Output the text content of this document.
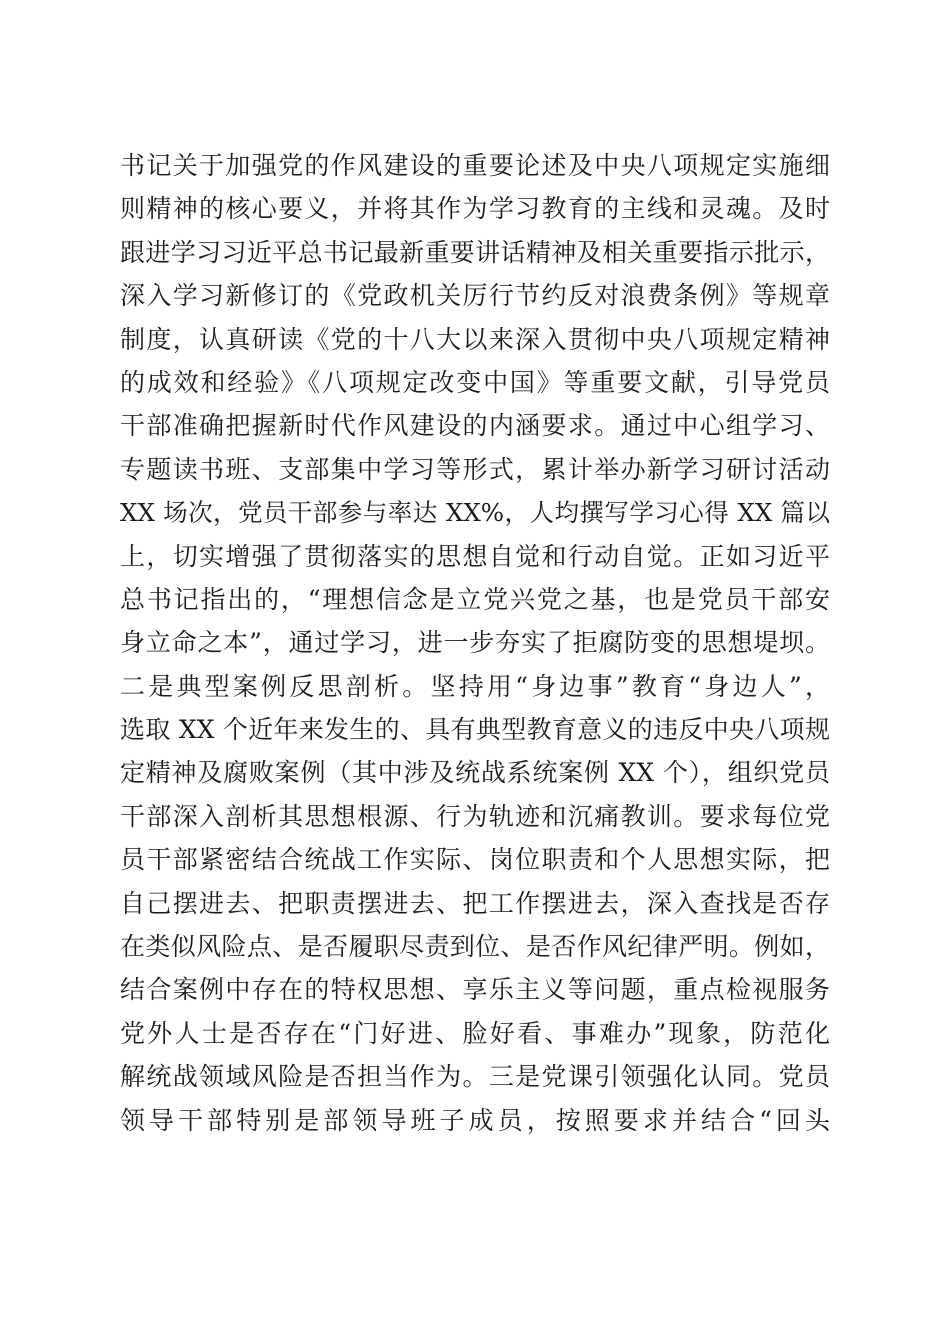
书记关于加强党的作风建设的重要论述及中央八项规定实施细
则精神的核心要义，并将其作为学习教育的主线和灵魂。及时
跟进学习习近平总书记最新重要讲话精神及相关重要指示批示，
深入学习新修订的《党政机关厉行节约反对浪费条例》等规章
制度，认真研读《党的十八大以来深入贯彻中央八项规定精神
的成效和经验》《八项规定改变中国》等重要文献，引导党员
干部准确把握新时代作风建设的内涵要求。通过中心组学习、
专题读书班、支部集中学习等形式，累计举办新学习研讨活动
XX 场次，党员干部参与率达 XX%，人均撰写学习心得 XX 篇以
上，切实增强了贯彻落实的思想自觉和行动自觉。正如习近平
总书记指出的，“理想信念是立党兴党之基，也是党员干部安
身立命之本”，通过学习，进一步夯实了拒腐防变的思想堤坝。
二是典型案例反思剖析。坚持用“身边事”教育“身边人”，
选取 XX 个近年来发生的、具有典型教育意义的违反中央八项规
定精神及腐败案例（其中涉及统战系统案例 XX 个），组织党员
干部深入剖析其思想根源、行为轨迹和沉痛教训。要求每位党
员干部紧密结合统战工作实际、岗位职责和个人思想实际，把
自己摆进去、把职责摆进去、把工作摆进去，深入查找是否存
在类似风险点、是否履职尽责到位、是否作风纪律严明。例如，
结合案例中存在的特权思想、享乐主义等问题，重点检视服务
党外人士是否存在“门好进、脸好看、事难办”现象，防范化
解统战领域风险是否担当作为。三是党课引领强化认同。党员
领导干部特别是部领导班子成员，按照要求并结合“回头
